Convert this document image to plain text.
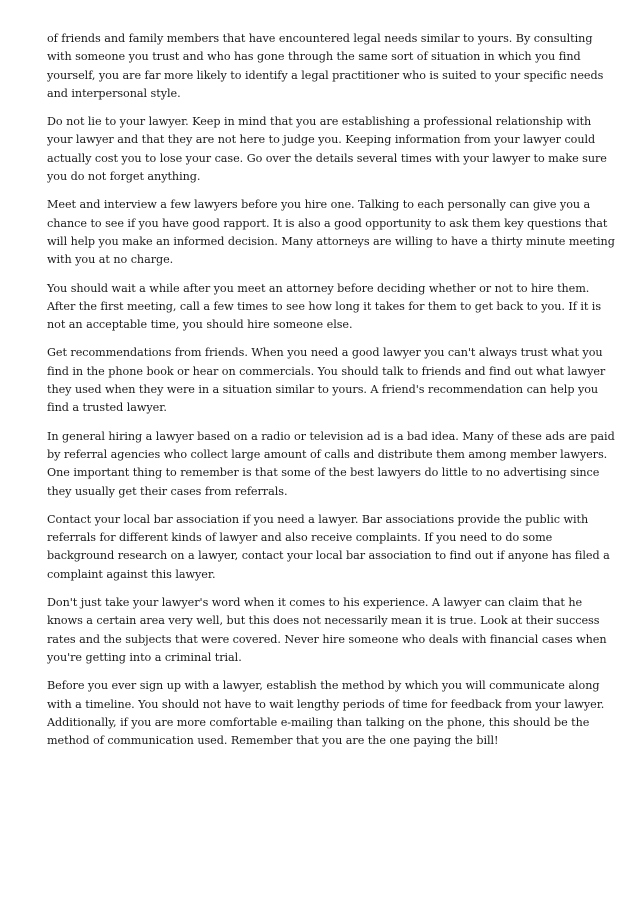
of friends and family members that have encountered legal needs similar to yours. By consulting
with someone you trust and who has gone through the same sort of situation in which you find
yourself, you are far more likely to identify a legal practitioner who is suited to your specific needs
and interpersonal style.
Do not lie to your lawyer. Keep in mind that you are establishing a professional relationship with
your lawyer and that they are not here to judge you. Keeping information from your lawyer could
actually cost you to lose your case. Go over the details several times with your lawyer to make sure
you do not forget anything.
Meet and interview a few lawyers before you hire one. Talking to each personally can give you a
chance to see if you have good rapport. It is also a good opportunity to ask them key questions that
will help you make an informed decision. Many attorneys are willing to have a thirty minute meeting
with you at no charge.
You should wait a while after you meet an attorney before deciding whether or not to hire them.
After the first meeting, call a few times to see how long it takes for them to get back to you. If it is
not an acceptable time, you should hire someone else.
Get recommendations from friends. When you need a good lawyer you can't always trust what you
find in the phone book or hear on commercials. You should talk to friends and find out what lawyer
they used when they were in a situation similar to yours. A friend's recommendation can help you
find a trusted lawyer.
In general hiring a lawyer based on a radio or television ad is a bad idea. Many of these ads are paid
by referral agencies who collect large amount of calls and distribute them among member lawyers.
One important thing to remember is that some of the best lawyers do little to no advertising since
they usually get their cases from referrals.
Contact your local bar association if you need a lawyer. Bar associations provide the public with
referrals for different kinds of lawyer and also receive complaints. If you need to do some
background research on a lawyer, contact your local bar association to find out if anyone has filed a
complaint against this lawyer.
Don't just take your lawyer's word when it comes to his experience. A lawyer can claim that he
knows a certain area very well, but this does not necessarily mean it is true. Look at their success
rates and the subjects that were covered. Never hire someone who deals with financial cases when
you're getting into a criminal trial.
Before you ever sign up with a lawyer, establish the method by which you will communicate along
with a timeline. You should not have to wait lengthy periods of time for feedback from your lawyer.
Additionally, if you are more comfortable e-mailing than talking on the phone, this should be the
method of communication used. Remember that you are the one paying the bill!
